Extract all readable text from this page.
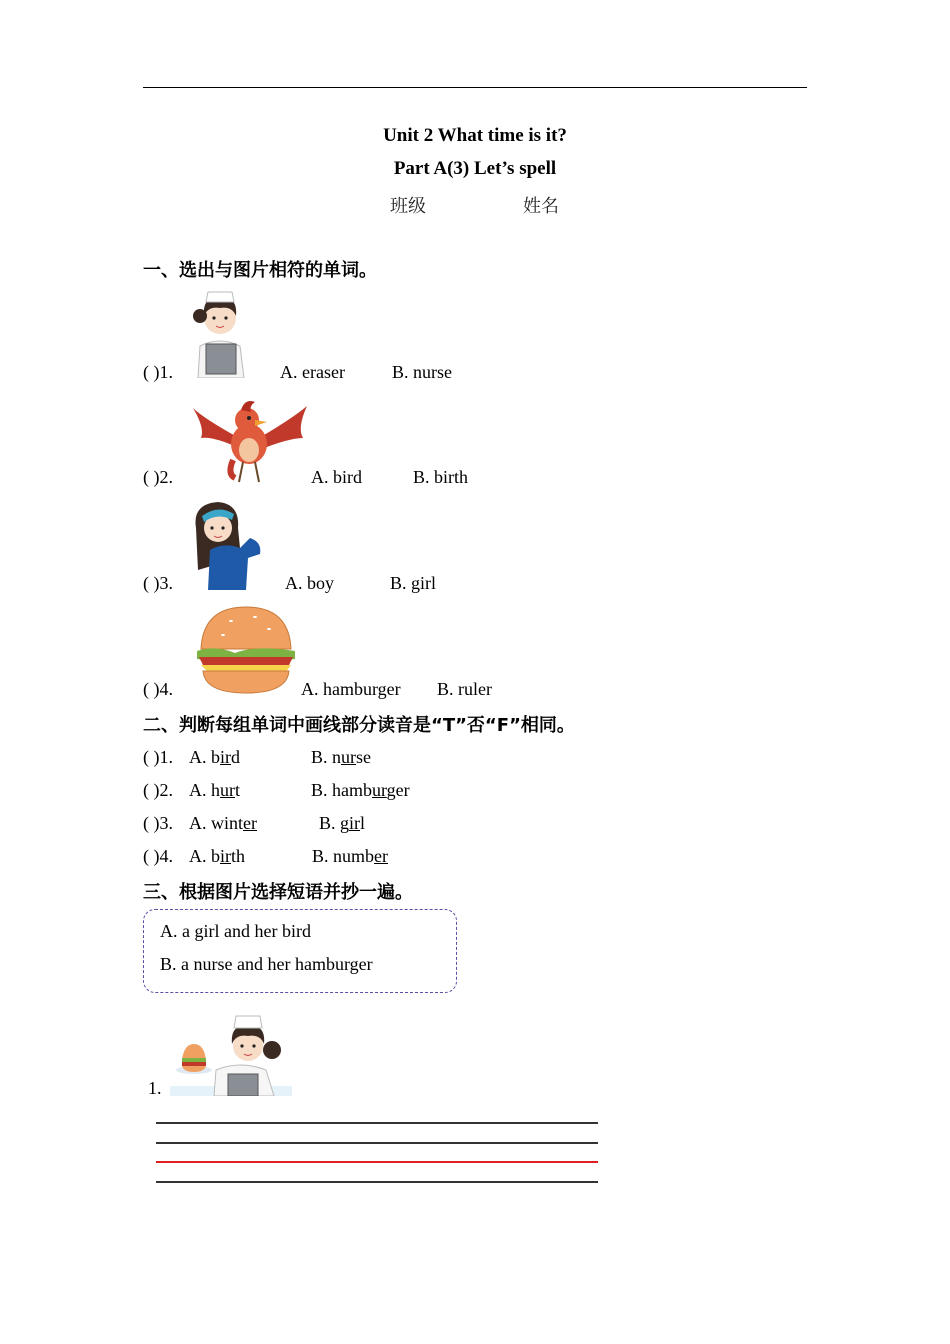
Unit 2 What time is it?
Part A(3) Let’s spell
班级	姓名
一、选出与图片相符的单词。
( )1.	A. eraser	B. nurse
( )2.	A. bird	B. birth
( )3.	A. boy	B. girl
( )4.	A. hamburger B. ruler
二、判断每组单词中画线部分读音是“T”否“F”相同。
( )1. A. bird	B. nurse
( )2. A. hurt	B. hamburger
( )3. A. winter	B. girl
( )4. A. birth	B. number
三、根据图片选择短语并抄一遍。
A. a girl and her bird
B. a nurse and her hamburger
1.
